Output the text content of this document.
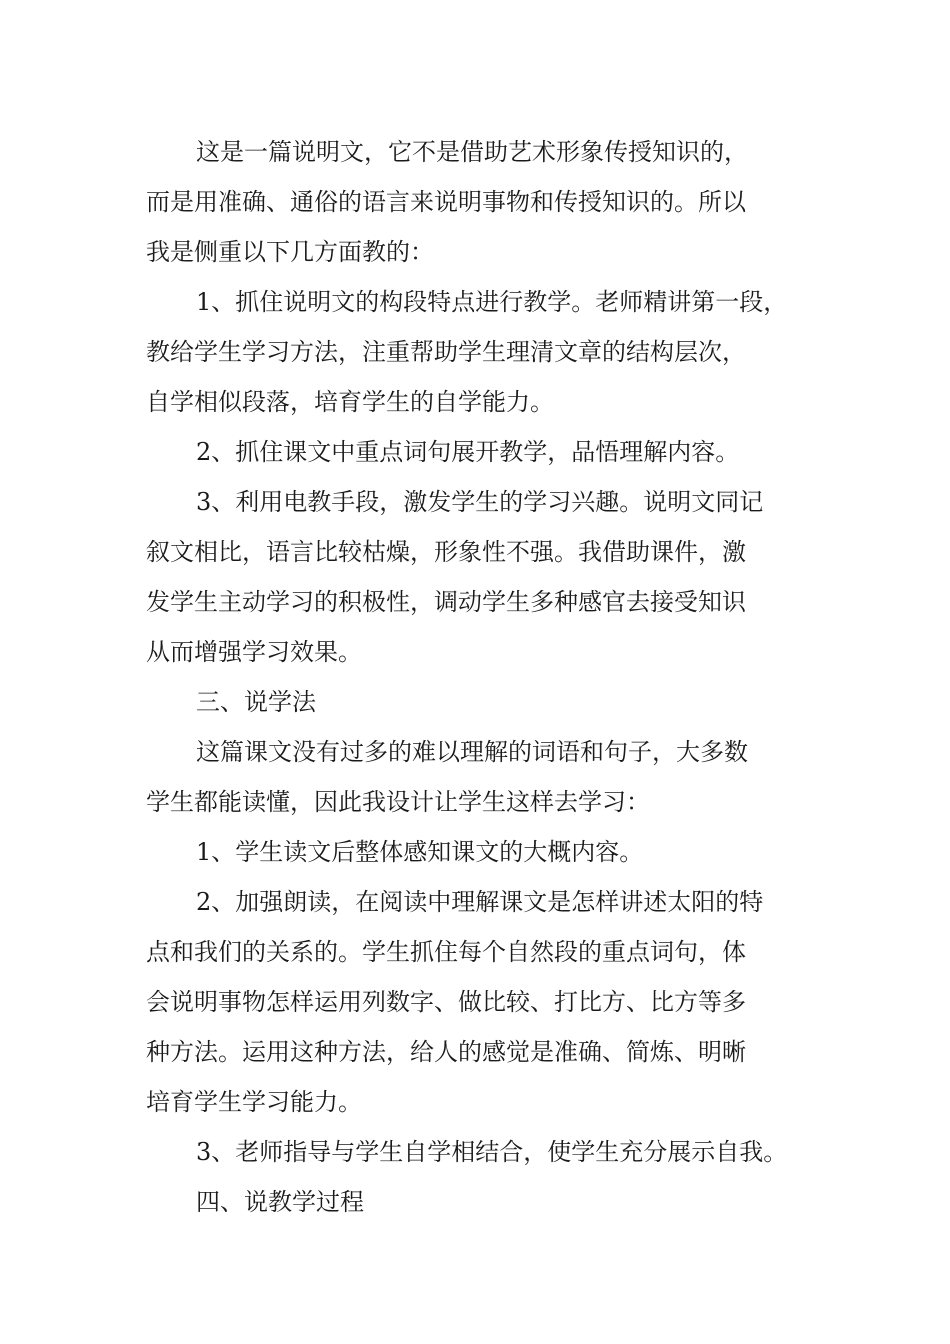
这是一篇说明文，它不是借助艺术形象传授知识的，
而是用准确、通俗的语言来说明事物和传授知识的。所以
我是侧重以下几方面教的：
1、抓住说明文的构段特点进行教学。老师精讲第一段，
教给学生学习方法，注重帮助学生理清文章的结构层次，
自学相似段落，培育学生的自学能力。
2、抓住课文中重点词句展开教学，品悟理解内容。
3、利用电教手段，激发学生的学习兴趣。说明文同记
叙文相比，语言比较枯燥，形象性不强。我借助课件，激
发学生主动学习的积极性，调动学生多种感官去接受知识
从而增强学习效果。
三、说学法
这篇课文没有过多的难以理解的词语和句子，大多数
学生都能读懂，因此我设计让学生这样去学习：
1、学生读文后整体感知课文的大概内容。
2、加强朗读，在阅读中理解课文是怎样讲述太阳的特
点和我们的关系的。学生抓住每个自然段的重点词句，体
会说明事物怎样运用列数字、做比较、打比方、比方等多
种方法。运用这种方法，给人的感觉是准确、简炼、明晰
培育学生学习能力。
3、老师指导与学生自学相结合，使学生充分展示自我。
四、说教学过程
